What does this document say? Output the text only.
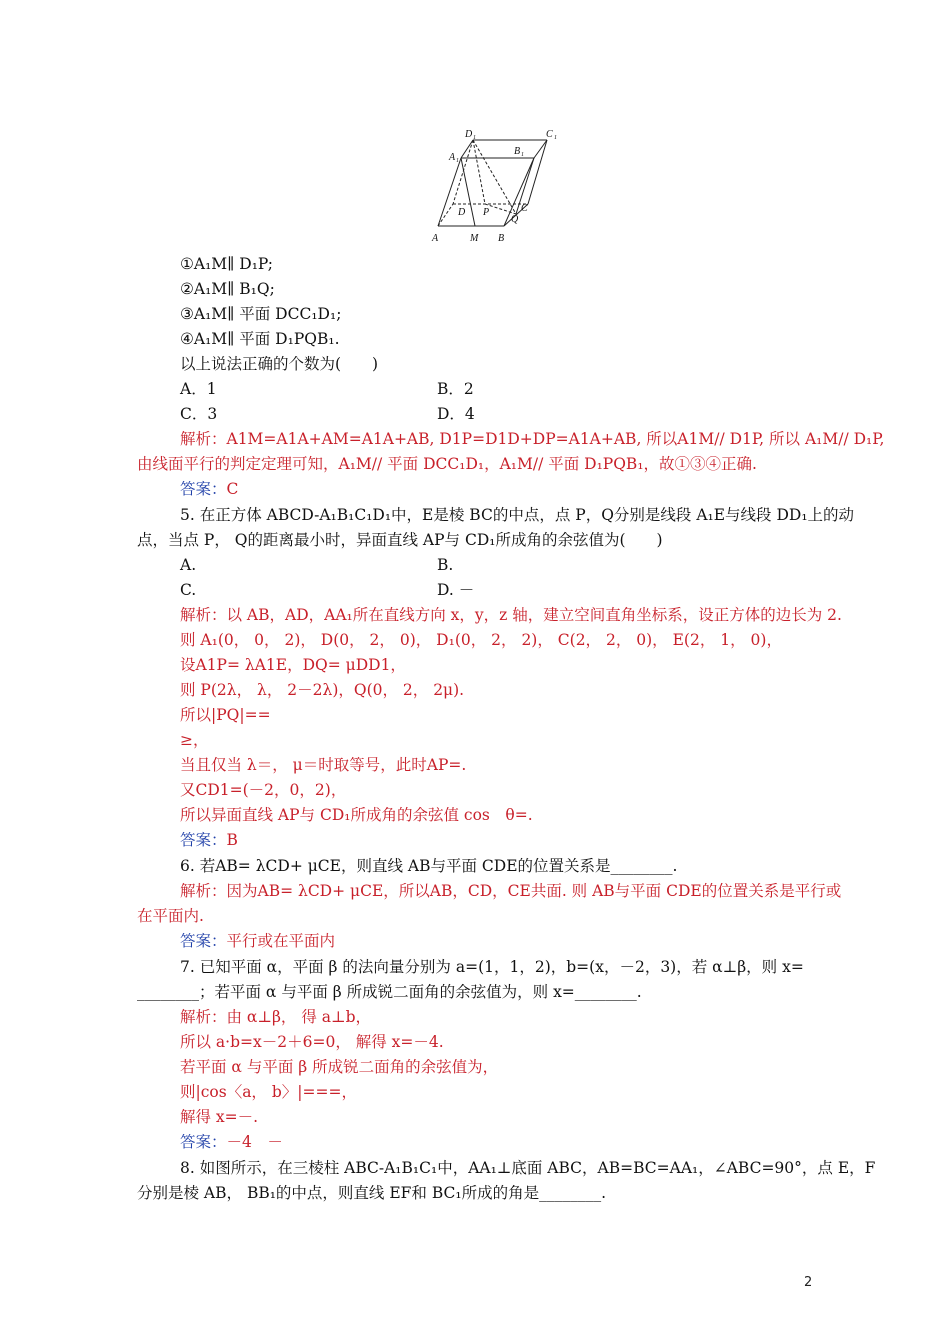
D 1	C 1
A 1
B 1
D P	C
Q
A	M B
①A₁M∥ D₁P;
②A₁M∥ B₁Q;
③A₁M∥ 平面 DCC₁D₁;
④A₁M∥ 平面 D₁PQB₁.
以上说法正确的个数为(　　)
A．1	B．2
C．3	D．4
解析：A1M=A1A+AM=A1A+AB, D1P=D1D+DP=A1A+AB, 所以A1M// D1P, 所以 A₁M// D₁P,
由线面平行的判定定理可知，A₁M// 平面 DCC₁D₁，A₁M// 平面 D₁PQB₁，故①③④正确.
答案：C
5. 在正方体 ABCD-A₁B₁C₁D₁中，E是棱 BC的中点，点 P，Q分别是线段 A₁E与线段 DD₁上的动
点，当点 P， Q的距离最小时，异面直线 AP与 CD₁所成角的余弦值为(　　)
A.	B.
C.	D. －
解析：以 AB，AD，AA₁所在直线方向 x，y，z 轴，建立空间直角坐标系，设正方体的边长为 2.
则 A₁(0， 0， 2)， D(0， 2， 0)， D₁(0， 2， 2)， C(2， 2， 0)， E(2， 1， 0)，
设A1P= λA1E，DQ= μDD1，
则 P(2λ， λ， 2－2λ)，Q(0， 2， 2μ).
所以|PQ|==
≥，
当且仅当 λ＝， μ＝时取等号，此时AP=.
又CD1=(－2，0，2)，
所以异面直线 AP与 CD₁所成角的余弦值 cos　θ=.
答案：B
6. 若AB= λCD+ μCE，则直线 AB与平面 CDE的位置关系是________.
解析：因为AB= λCD+ μCE，所以AB，CD，CE共面. 则 AB与平面 CDE的位置关系是平行或
在平面内.
答案：平行或在平面内
7. 已知平面 α，平面 β 的法向量分别为 a=(1，1，2)，b=(x，－2，3)，若 α⊥β，则 x=
________；若平面 α 与平面 β 所成锐二面角的余弦值为，则 x=________.
解析：由 α⊥β， 得 a⊥b，
所以 a·b=x－2＋6=0， 解得 x=－4.
若平面 α 与平面 β 所成锐二面角的余弦值为，
则|cos〈a， b〉|===，
解得 x=－.
答案：－4　－
8. 如图所示，在三棱柱 ABC-A₁B₁C₁中，AA₁⊥底面 ABC，AB=BC=AA₁，∠ABC=90°，点 E，F
分别是棱 AB， BB₁的中点，则直线 EF和 BC₁所成的角是________.
2
